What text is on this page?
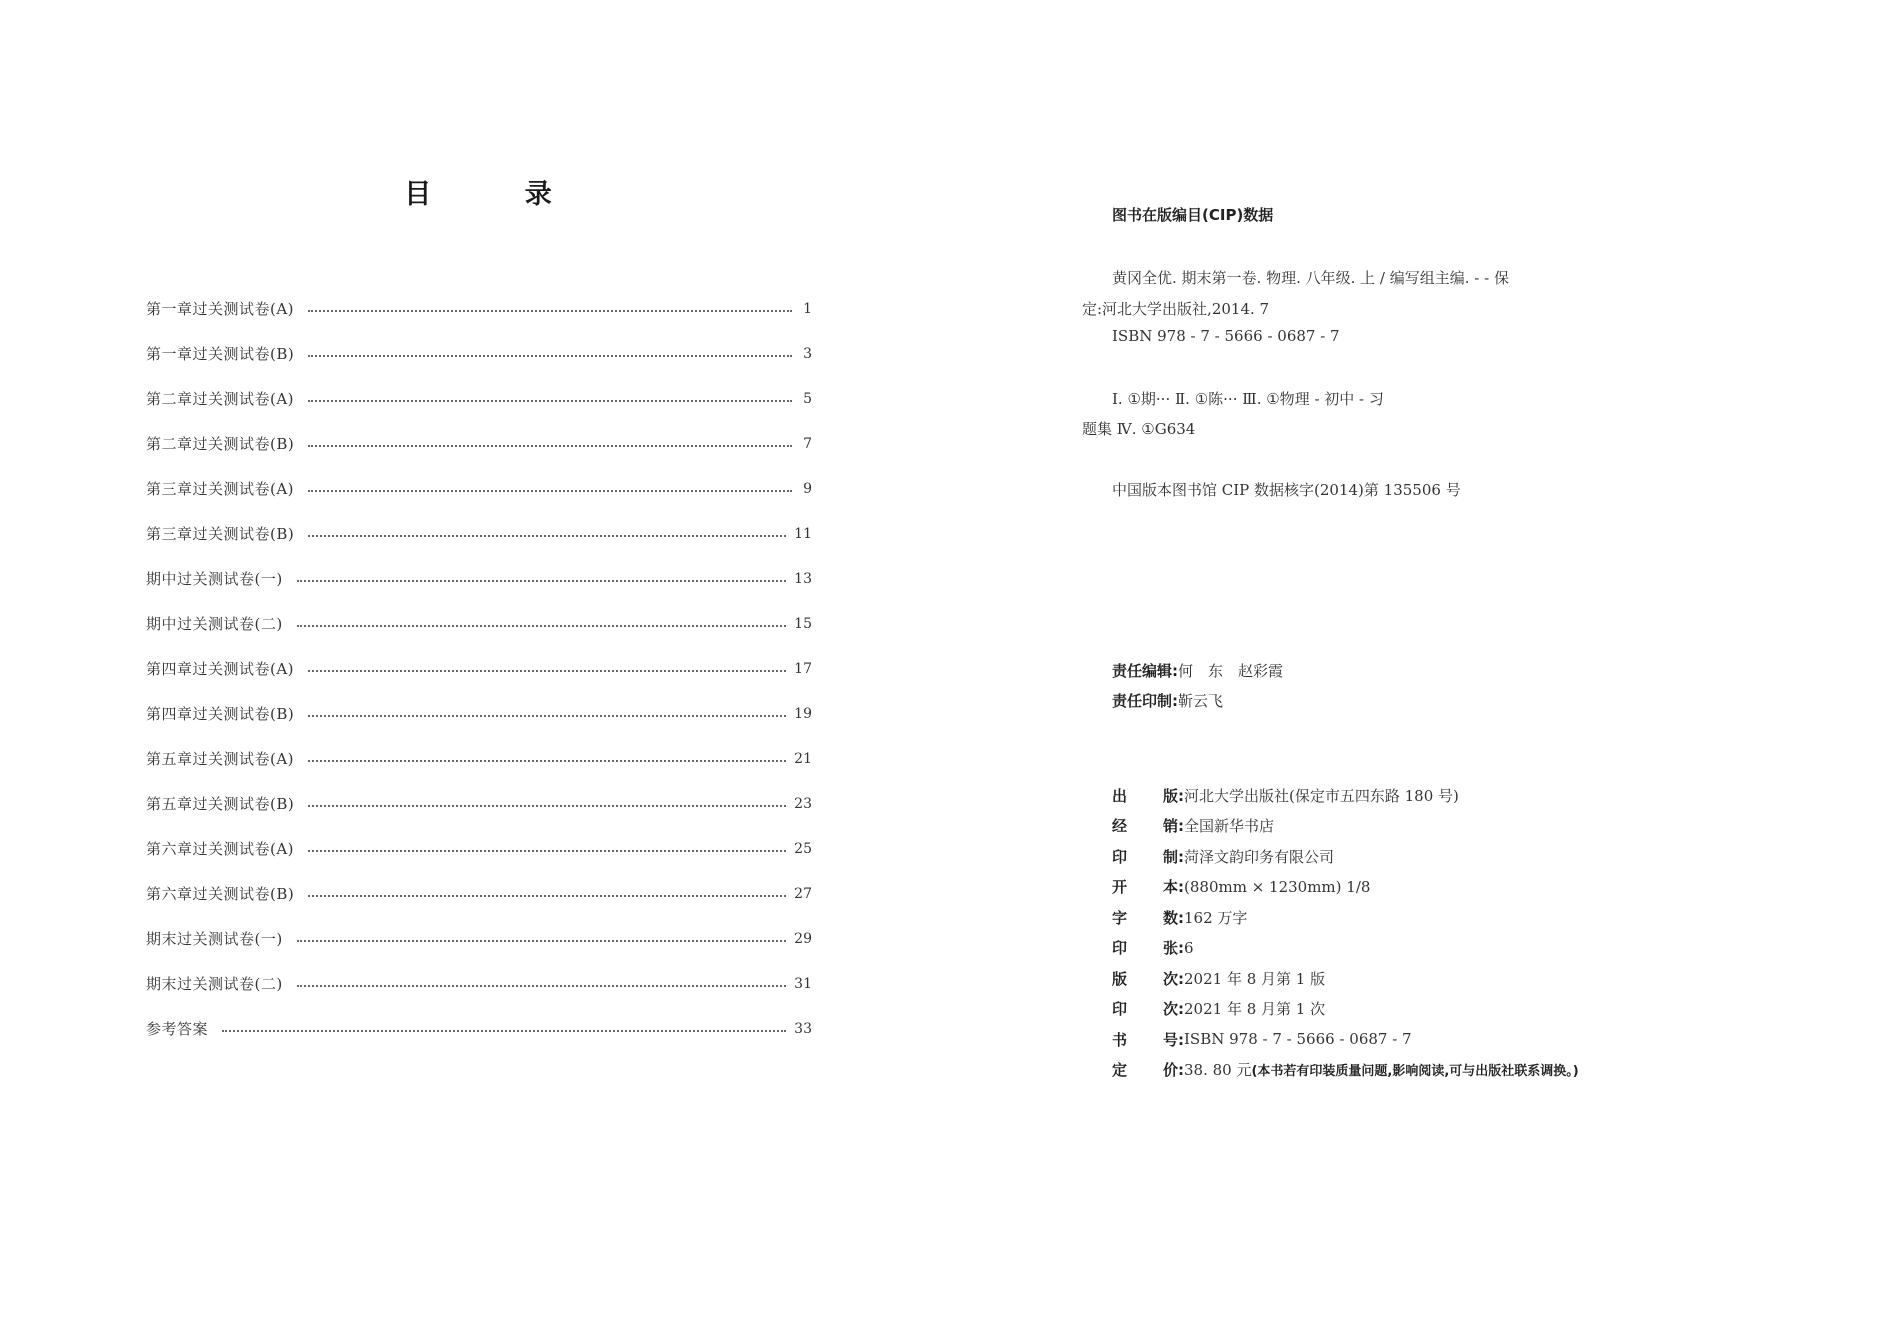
目 录
第一章过关测试卷(A)	1
第一章过关测试卷(B)	3
第二章过关测试卷(A)	5
第二章过关测试卷(B)	7
第三章过关测试卷(A)	9
第三章过关测试卷(B)	11
期中过关测试卷(一)	13
期中过关测试卷(二)	15
第四章过关测试卷(A)	17
第四章过关测试卷(B)	19
第五章过关测试卷(A)	21
第五章过关测试卷(B)	23
第六章过关测试卷(A)	25
第六章过关测试卷(B)	27
期末过关测试卷(一)	29
期末过关测试卷(二)	31
参考答案	33
图书在版编目(CIP)数据
黄冈全优. 期末第一卷. 物理. 八年级. 上 / 编写组主编. - - 保
定:河北大学出版社,2014. 7
ISBN 978 - 7 - 5666 - 0687 - 7
Ⅰ. ①期··· Ⅱ. ①陈··· Ⅲ. ①物理 - 初中 - 习
题集 Ⅳ. ①G634
中国版本图书馆 CIP 数据核字(2014)第 135506 号
责任编辑:何　东　赵彩霞
责任印制:靳云飞
出	版: 河北大学出版社(保定市五四东路 180 号)
经	销: 全国新华书店
印	制: 菏泽文韵印务有限公司
开	本: (880mm × 1230mm) 1/8
字	数: 162 万字
印	张: 6
版	次: 2021 年 8 月第 1 版
印	次: 2021 年 8 月第 1 次
书	号: ISBN 978 - 7 - 5666 - 0687 - 7
定	价: 38. 80 元 (本书若有印装质量问题,影响阅读,可与出版社联系调换。)
